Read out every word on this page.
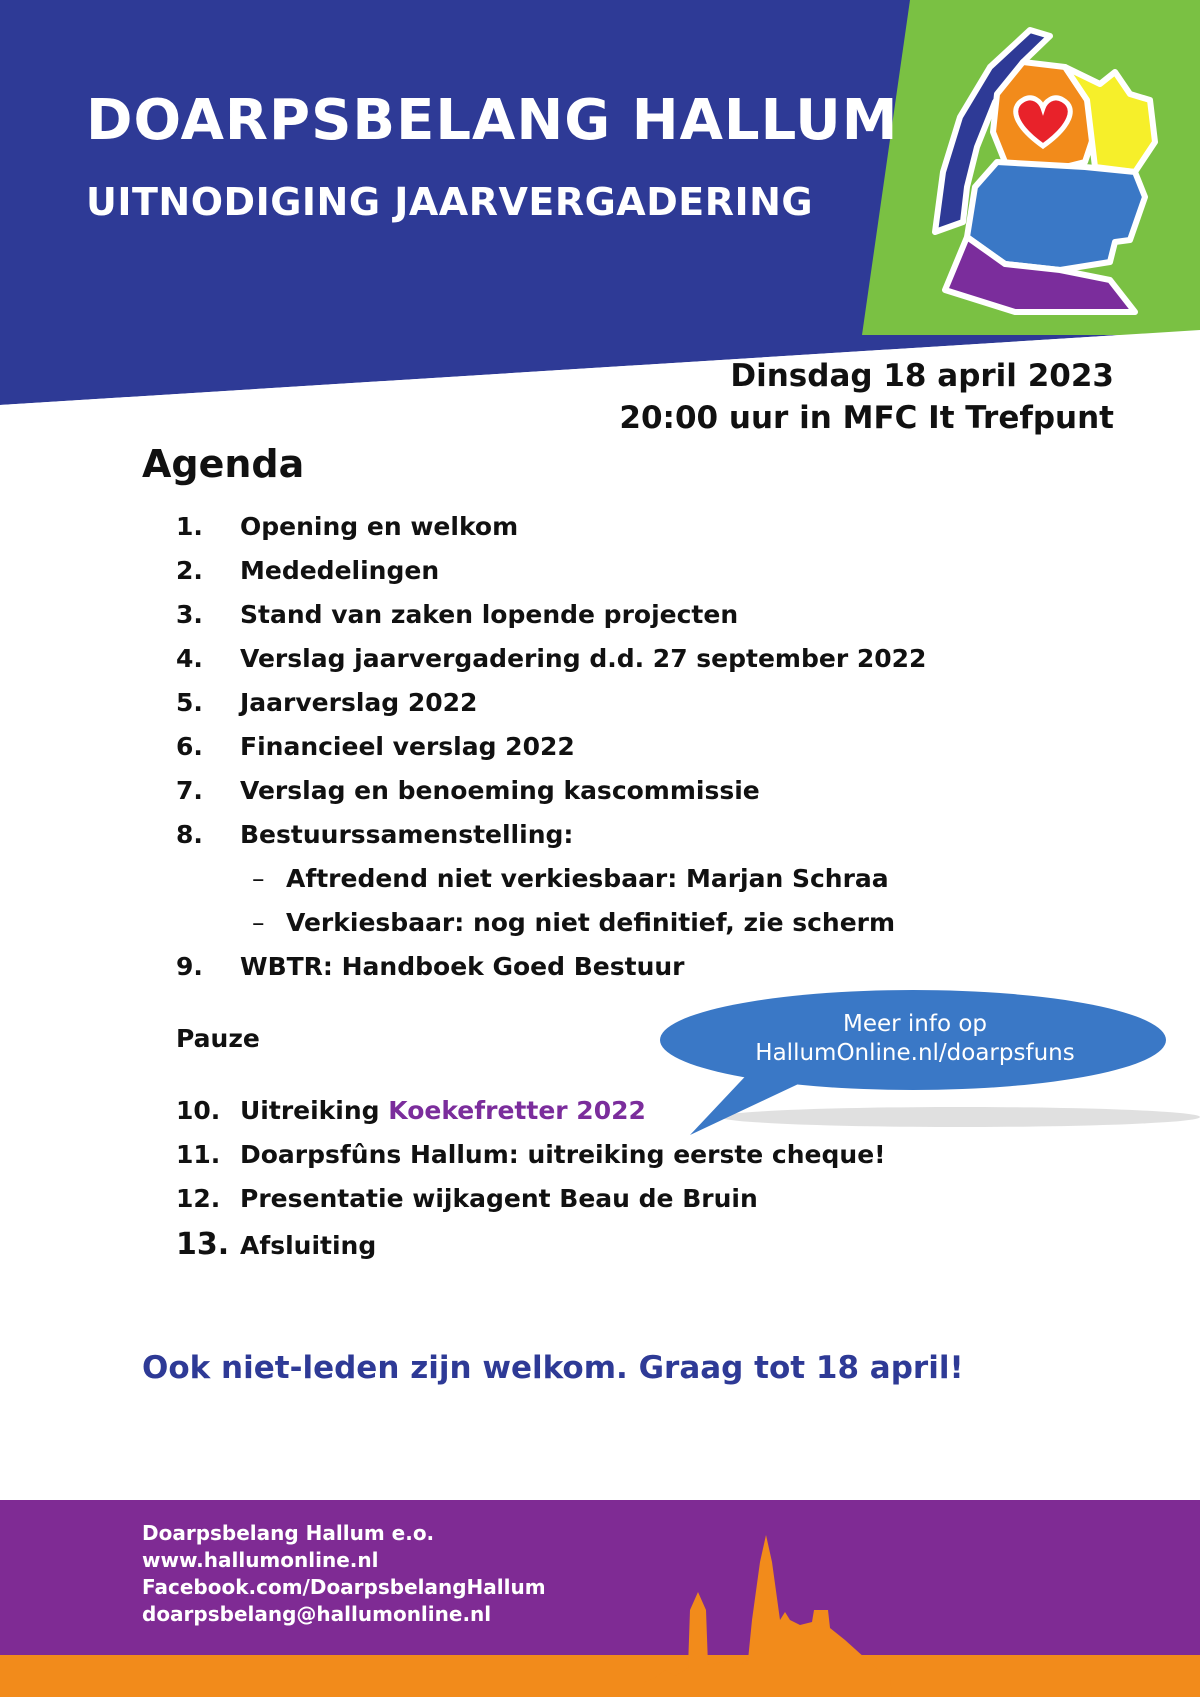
DOARPSBELANG HALLUM
UITNODIGING JAARVERGADERING
Dinsdag 18 april 2023
20:00 uur in MFC It Trefpunt
Agenda
1. Opening en welkom
2. Mededelingen
3. Stand van zaken lopende projecten
4. Verslag jaarvergadering d.d. 27 september 2022
5. Jaarverslag 2022
6. Financieel verslag 2022
7. Verslag en benoeming kascommissie
8. Bestuurssamenstelling:
– Aftredend niet verkiesbaar: Marjan Schraa
– Verkiesbaar: nog niet definitief, zie scherm
9. WBTR: Handboek Goed Bestuur
Pauze	Meer info op
HallumOnline.nl/doarpsfuns
10. Uitreiking Koekefretter 2022
11. Doarpsfûns Hallum: uitreiking eerste cheque!
12. Presentatie wijkagent Beau de Bruin
13. Afsluiting
Ook niet-leden zijn welkom. Graag tot 18 april!
Doarpsbelang Hallum e.o.
www.hallumonline.nl
Facebook.com/DoarpsbelangHallum
doarpsbelang@hallumonline.nl
